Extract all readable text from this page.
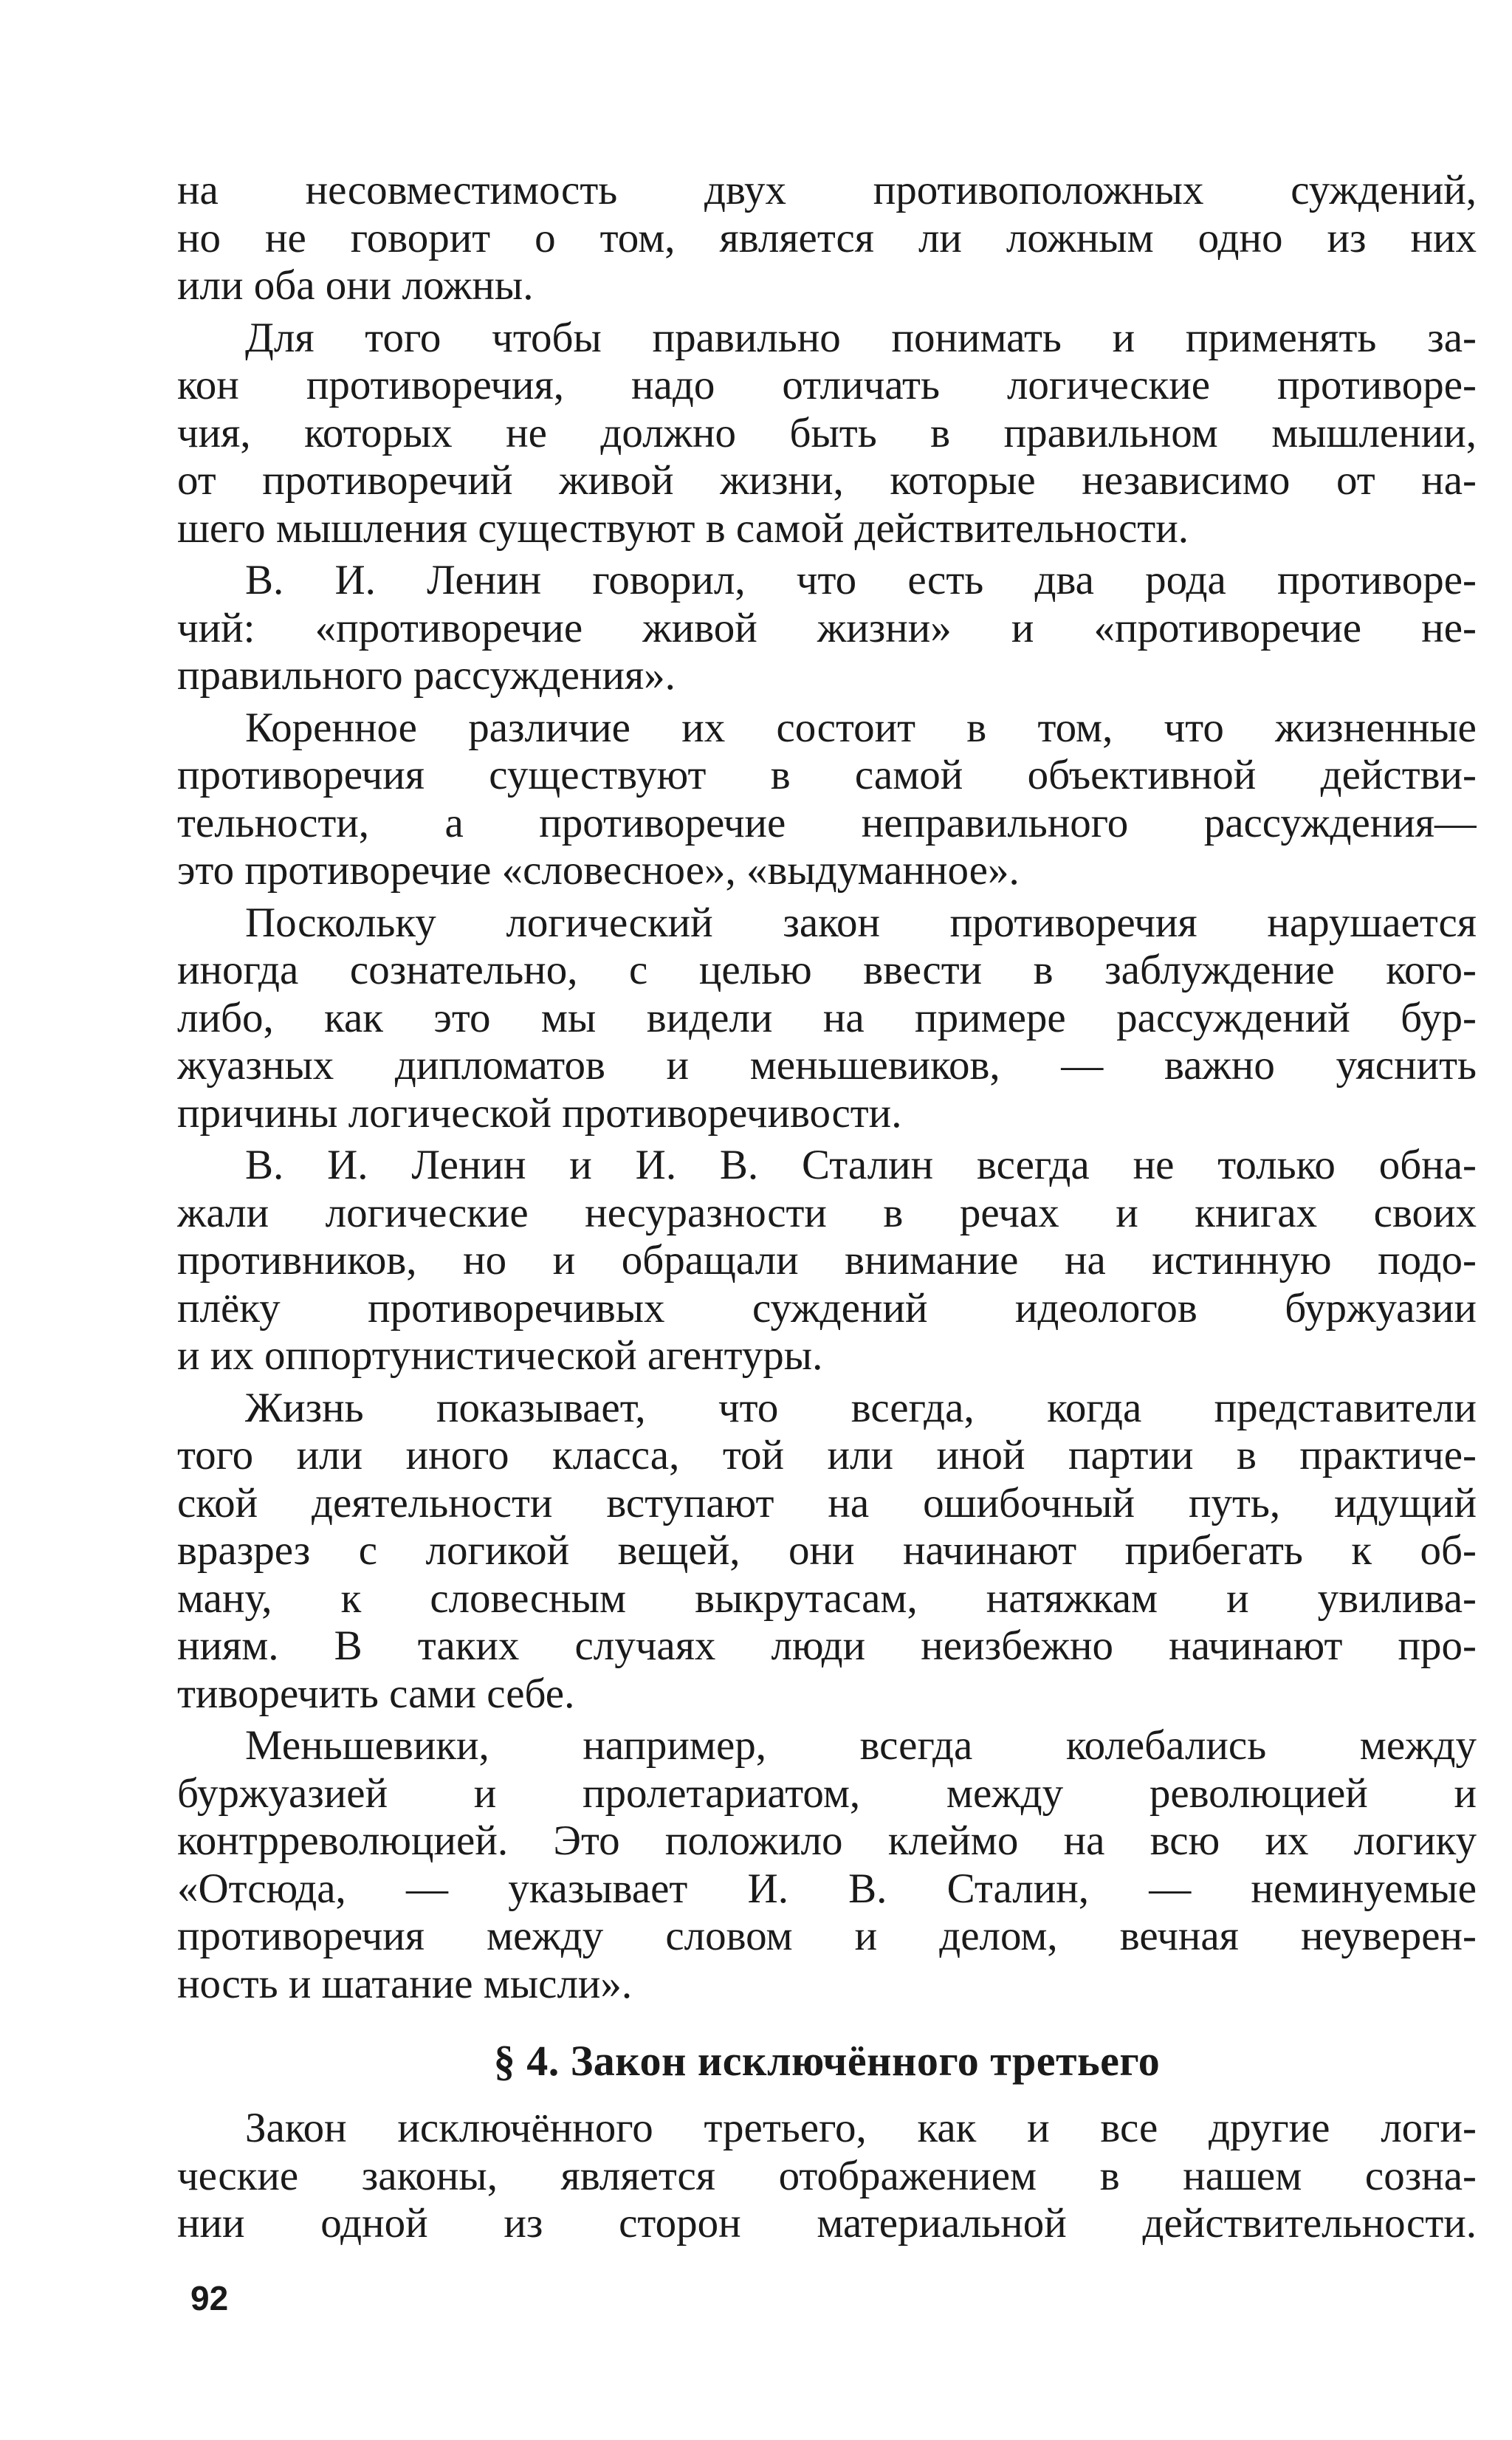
на несовместимость двух противоположных суждений,
но не говорит о том, является ли ложным одно из них
или оба они ложны.
Для того чтобы правильно понимать и применять за-
кон противоречия, надо отличать логические противоре-
чия, которых не должно быть в правильном мышлении,
от противоречий живой жизни, которые независимо от на-
шего мышления существуют в самой действительности.
В. И. Ленин говорил, что есть два рода противоре-
чий: «противоречие живой жизни» и «противоречие не-
правильного рассуждения».
Коренное различие их состоит в том, что жизненные
противоречия существуют в самой объективной действи-
тельности, а противоречие неправильного рассуждения—
это противоречие «словесное», «выдуманное».
Поскольку логический закон противоречия нарушается
иногда сознательно, с целью ввести в заблуждение кого-
либо, как это мы видели на примере рассуждений бур-
жуазных дипломатов и меньшевиков, — важно уяснить
причины логической противоречивости.
В. И. Ленин и И. В. Сталин всегда не только обна-
жали логические несуразности в речах и книгах своих
противников, но и обращали внимание на истинную подо-
плёку противоречивых суждений идеологов буржуазии
и их оппортунистической агентуры.
Жизнь показывает, что всегда, когда представители
того или иного класса, той или иной партии в практиче-
ской деятельности вступают на ошибочный путь, идущий
вразрез с логикой вещей, они начинают прибегать к об-
ману, к словесным выкрутасам, натяжкам и увилива-
ниям. В таких случаях люди неизбежно начинают про-
тиворечить сами себе.
Меньшевики, например, всегда колебались между
буржуазией и пролетариатом, между революцией и
контрреволюцией. Это положило клеймо на всю их логику
«Отсюда, — указывает И. В. Сталин, — неминуемые
противоречия между словом и делом, вечная неуверен-
ность и шатание мысли».
§ 4. Закон исключённого третьего
Закон исключённого третьего, как и все другие логи-
ческие законы, является отображением в нашем созна-
нии одной из сторон материальной действительности.
92
